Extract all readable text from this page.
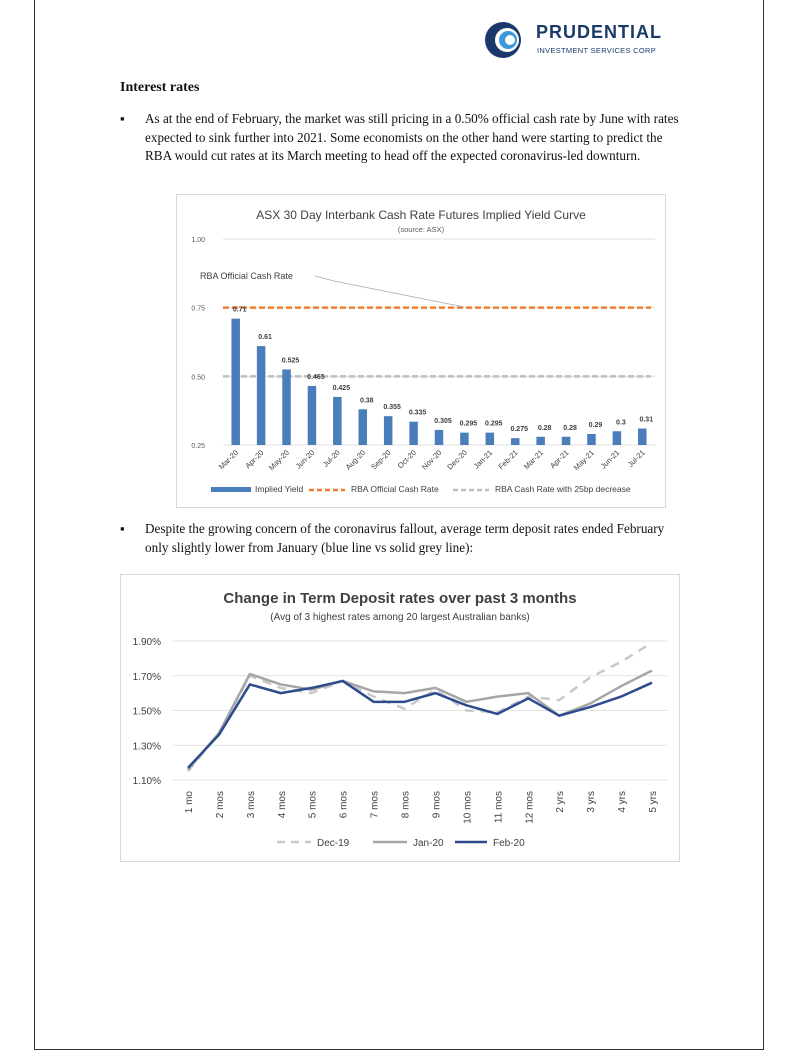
PRUDENTIAL
INVESTMENT SERVICES CORP
Interest rates
▪ As at the end of February, the market was still pricing in a 0.50% official cash rate by June with rates expected to sink further into 2021. Some economists on the other hand were starting to predict the RBA would cut rates at its March meeting to head off the expected coronavirus-led downturn.
ASX 30 Day Interbank Cash Rate Futures Implied Yield Curve
(source: ASX)
1.00
0.75
0.50
0.25
0.71
0.61
0.525
0.465
0.425
0.38
0.355
0.335
0.305 0.295 0.295
0.275 0.28 0.28 0.29 0.3 0.31
Mar-20 Apr-20 May-20 Jun-20 Jul-20 Aug-20 Sep-20 Oct-20 Nov-20 Dec-20 Jan-21 Feb-21 Mar-21 Apr-21 May-21 Jun-21 Jul-21
RBA Official Cash Rate
Implied Yield	RBA Official Cash Rate	RBA Cash Rate with 25bp decrease
▪ Despite the growing concern of the coronavirus fallout, average term deposit rates ended February only slightly lower from January (blue line vs solid grey line):
Change in Term Deposit rates over past 3 months
(Avg of 3 highest rates among 20 largest Australian banks)
1.90%
1.70%
1.50%
1.30%
1.10%
1 mo 2 mos 3 mos 4 mos 5 mos 6 mos 7 mos 8 mos 9 mos 10 mos 11 mos 12 mos 2 yrs 3 yrs 4 yrs 5 yrs
Dec-19	Jan-20	Feb-20
